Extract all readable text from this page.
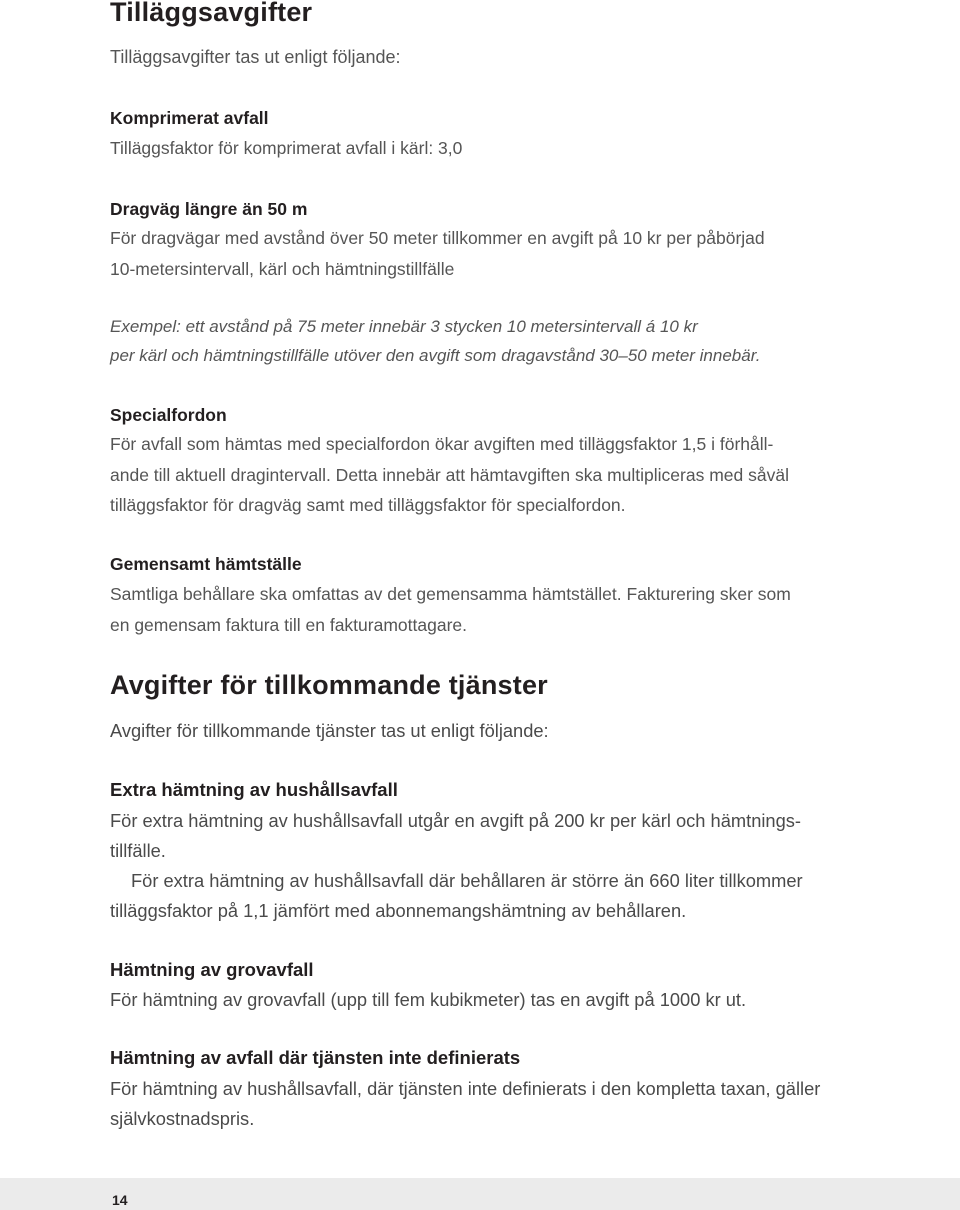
Tilläggsavgifter
Tilläggsavgifter tas ut enligt följande:
Komprimerat avfall
Tilläggsfaktor för komprimerat avfall i kärl: 3,0
Dragväg längre än 50 m
För dragvägar med avstånd över 50 meter tillkommer en avgift på 10 kr per påbörjad
10-metersintervall, kärl och hämtningstillfälle
Exempel: ett avstånd på 75 meter innebär 3 stycken 10 metersintervall á 10 kr
per kärl och hämtningstillfälle utöver den avgift som dragavstånd 30–50 meter innebär.
Specialfordon
För avfall som hämtas med specialfordon ökar avgiften med tilläggsfaktor 1,5 i förhåll-
ande till aktuell dragintervall. Detta innebär att hämtavgiften ska multipliceras med såväl
tilläggsfaktor för dragväg samt med tilläggsfaktor för specialfordon.
Gemensamt hämtställe
Samtliga behållare ska omfattas av det gemensamma hämtstället. Fakturering sker som
en gemensam faktura till en fakturamottagare.
Avgifter för tillkommande tjänster
Avgifter för tillkommande tjänster tas ut enligt följande:
Extra hämtning av hushållsavfall
För extra hämtning av hushållsavfall utgår en avgift på 200 kr per kärl och hämtnings-
tillfälle.
För extra hämtning av hushållsavfall där behållaren är större än 660 liter tillkommer
tilläggsfaktor på 1,1 jämfört med abonnemangshämtning av behållaren.
Hämtning av grovavfall
För hämtning av grovavfall (upp till fem kubikmeter) tas en avgift på 1000 kr ut.
Hämtning av avfall där tjänsten inte definierats
För hämtning av hushållsavfall, där tjänsten inte definierats i den kompletta taxan, gäller
självkostnadspris.
14
